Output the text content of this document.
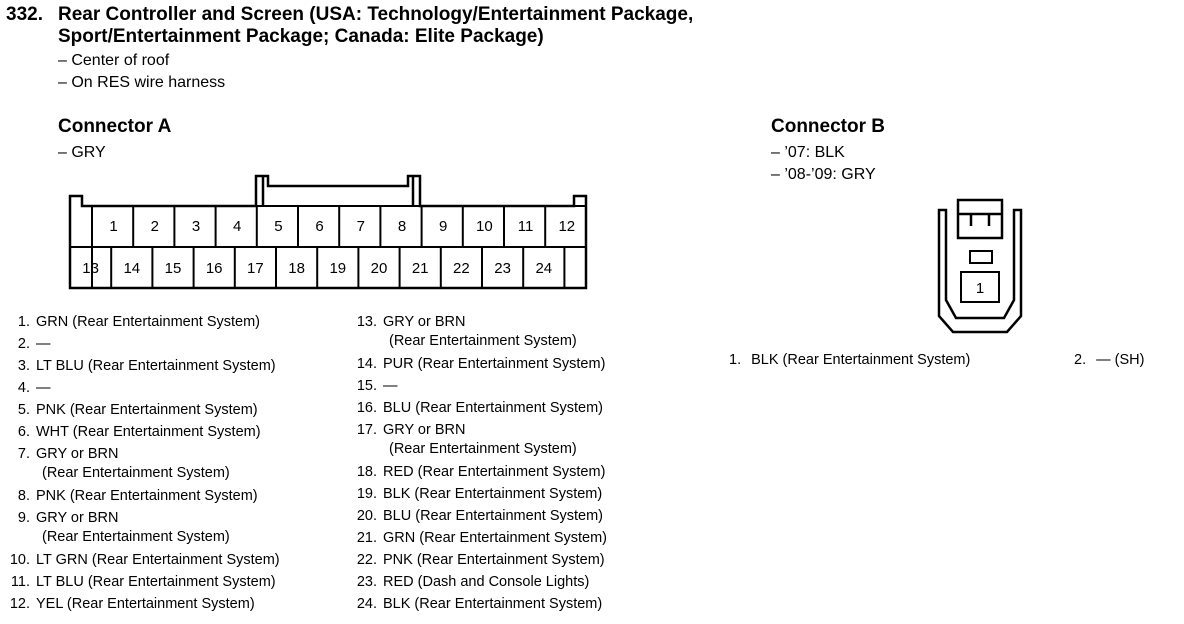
332. Rear Controller and Screen (USA: Technology/Entertainment Package,
Sport/Entertainment Package; Canada: Elite Package)
– Center of roof
– On RES wire harness
Connector A
– GRY
1 2 3 4 5 6 7 8 9 10 11 12
13 14 15 16 17 18 19 20 21 22 23 24
1. GRN (Rear Entertainment System)
2. —
3. LT BLU (Rear Entertainment System)
4. —
5. PNK (Rear Entertainment System)
6. WHT (Rear Entertainment System)
7. GRY or BRN
(Rear Entertainment System)
8. PNK (Rear Entertainment System)
9. GRY or BRN
(Rear Entertainment System)
10. LT GRN (Rear Entertainment System)
11. LT BLU (Rear Entertainment System)
12. YEL (Rear Entertainment System)
13. GRY or BRN
(Rear Entertainment System)
14. PUR (Rear Entertainment System)
15. —
16. BLU (Rear Entertainment System)
17. GRY or BRN
(Rear Entertainment System)
18. RED (Rear Entertainment System)
19. BLK (Rear Entertainment System)
20. BLU (Rear Entertainment System)
21. GRN (Rear Entertainment System)
22. PNK (Rear Entertainment System)
23. RED (Dash and Console Lights)
24. BLK (Rear Entertainment System)
Connector B
– ’07: BLK
– ’08-’09: GRY
1
1. BLK (Rear Entertainment System)	2. — (SH)
